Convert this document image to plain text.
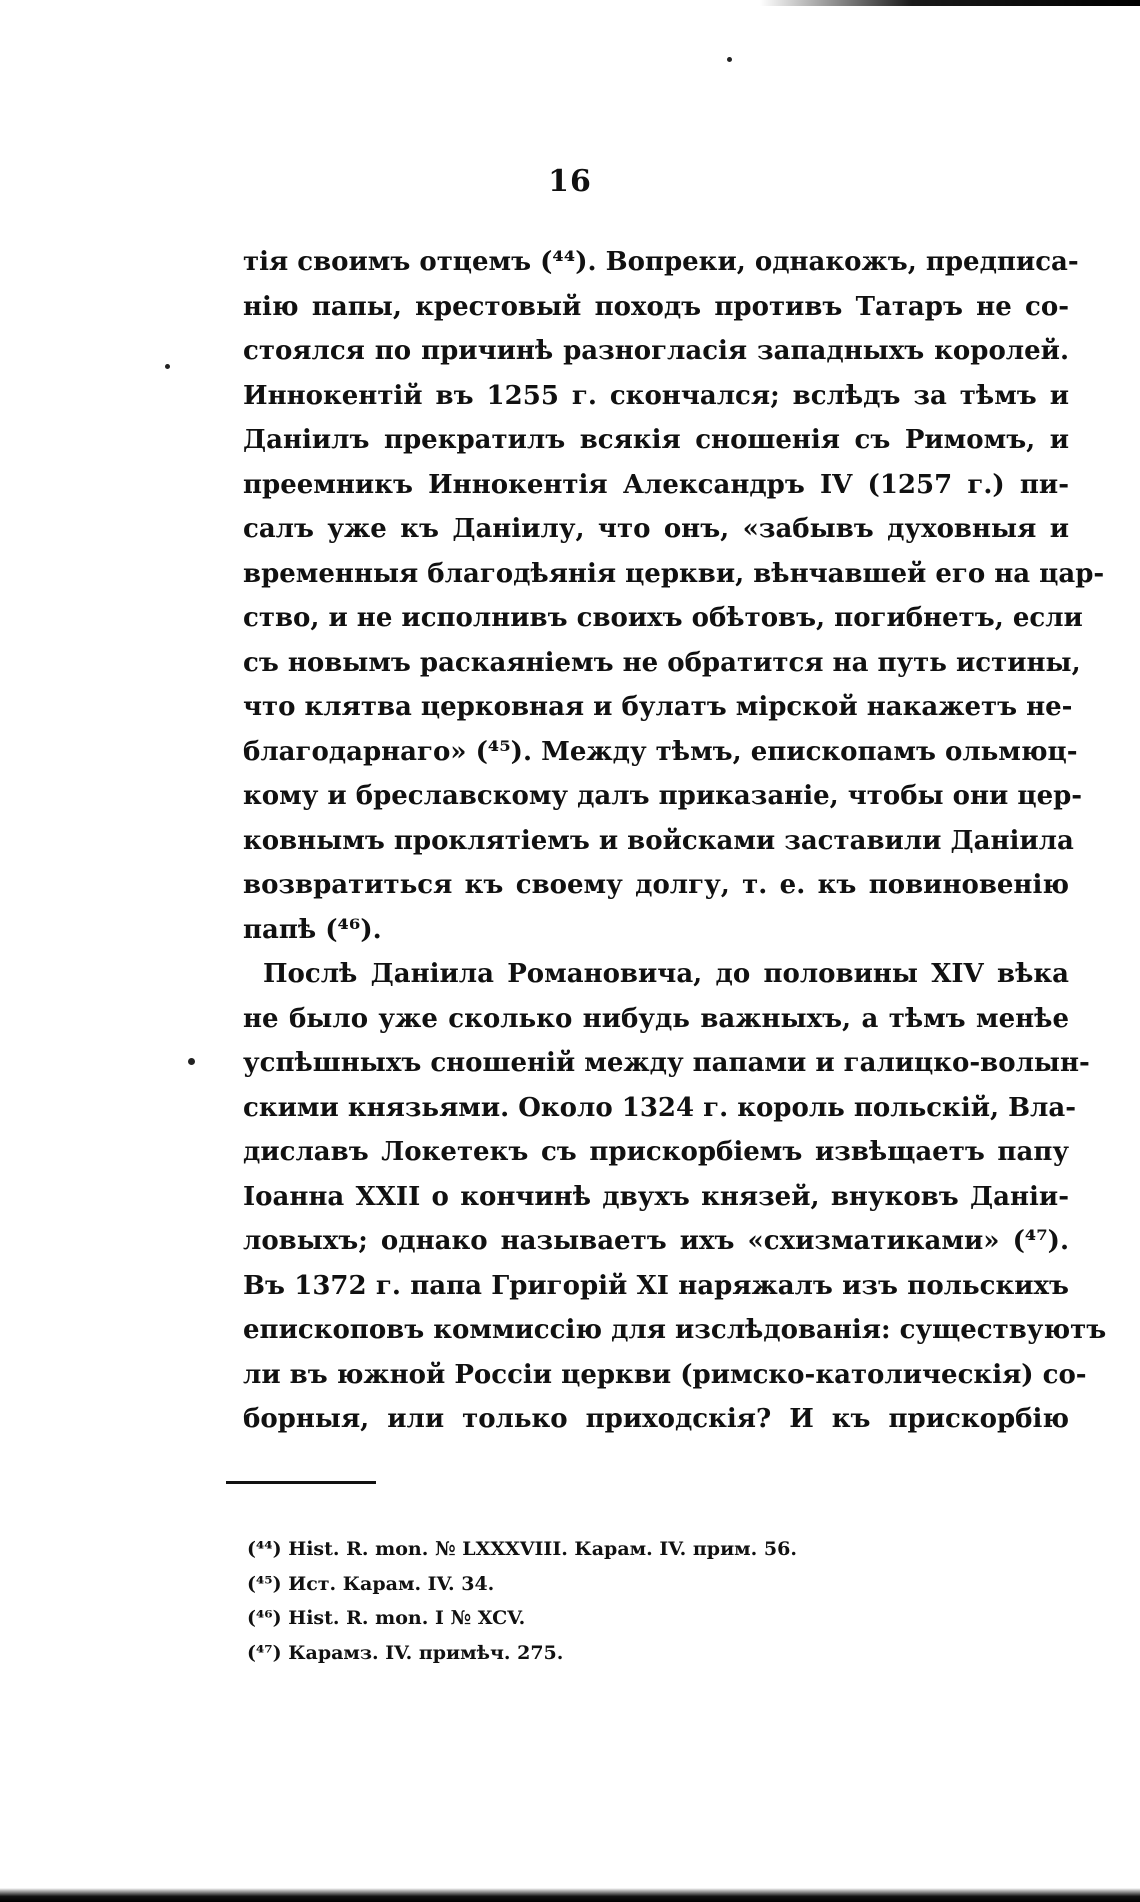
16
тія своимъ отцемъ (⁴⁴). Вопреки, однакожъ, предписа-
нію папы, крестовый походъ противъ Татаръ не со-
стоялся по причинѣ разногласія западныхъ королей.
Иннокентій въ 1255 г. скончался; вслѣдъ за тѣмъ и
Даніилъ прекратилъ всякія сношенія съ Римомъ, и
преемникъ Иннокентія Александръ IV (1257 г.) пи-
салъ уже къ Даніилу, что онъ, «забывъ духовныя и
временныя благодѣянія церкви, вѣнчавшей его на цар-
ство, и не исполнивъ своихъ обѣтовъ, погибнетъ, если
съ новымъ раскаяніемъ не обратится на путь истины,
что клятва церковная и булатъ мірской накажетъ не-
благодарнаго» (⁴⁵). Между тѣмъ, епископамъ ольмюц-
кому и бреславскому далъ приказаніе, чтобы они цер-
ковнымъ проклятіемъ и войсками заставили Даніила
возвратиться къ своему долгу, т. е. къ повиновенію
папѣ (⁴⁶).
Послѣ Даніила Романовича, до половины XIV вѣка
не было уже сколько нибудь важныхъ, а тѣмъ менѣе
успѣшныхъ сношеній между папами и галицко-волын-
скими князьями. Около 1324 г. король польскій, Вла-
диславъ Локетекъ съ прискорбіемъ извѣщаетъ папу
Іоанна XXII о кончинѣ двухъ князей, внуковъ Даніи-
ловыхъ; однако называетъ ихъ «схизматиками» (⁴⁷).
Въ 1372 г. папа Григорій XI наряжалъ изъ польскихъ
епископовъ коммиссію для изслѣдованія: существуютъ
ли въ южной Россіи церкви (римско-католическія) со-
борныя, или только приходскія? И къ прискорбію
(⁴⁴) Hist. R. mon. № LXXXVIII. Карам. IV. прим. 56.
(⁴⁵) Ист. Карам. IV. 34.
(⁴⁶) Hist. R. mon. I № XCV.
(⁴⁷) Карамз. IV. примѣч. 275.
